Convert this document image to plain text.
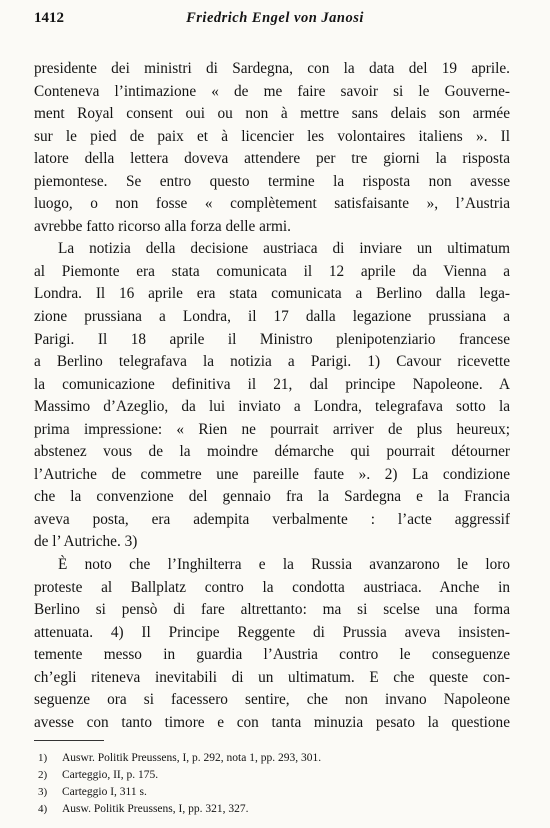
1412	Friedrich Engel von Janosi
presidente dei ministri di Sardegna, con la data del 19 aprile.
Conteneva l’intimazione « de me faire savoir si le Gouverne-
ment Royal consent oui ou non à mettre sans delais son armée
sur le pied de paix et à licencier les volontaires italiens ». Il
latore della lettera doveva attendere per tre giorni la risposta
piemontese. Se entro questo termine la risposta non avesse
luogo, o non fosse « complètement satisfaisante », l’Austria
avrebbe fatto ricorso alla forza delle armi.
La notizia della decisione austriaca di inviare un ultimatum
al Piemonte era stata comunicata il 12 aprile da Vienna a
Londra. Il 16 aprile era stata comunicata a Berlino dalla lega-
zione prussiana a Londra, il 17 dalla legazione prussiana a
Parigi. Il 18 aprile il Ministro plenipotenziario francese
a Berlino telegrafava la notizia a Parigi. 1) Cavour ricevette
la comunicazione definitiva il 21, dal principe Napoleone. A
Massimo d’Azeglio, da lui inviato a Londra, telegrafava sotto la
prima impressione: « Rien ne pourrait arriver de plus heureux;
abstenez vous de la moindre démarche qui pourrait détourner
l’Autriche de commetre une pareille faute ». 2) La condizione
che la convenzione del gennaio fra la Sardegna e la Francia
aveva posta, era adempita verbalmente : l’acte aggressif
de l’ Autriche. 3)
È noto che l’Inghilterra e la Russia avanzarono le loro
proteste al Ballplatz contro la condotta austriaca. Anche in
Berlino si pensò di fare altrettanto: ma si scelse una forma
attenuata. 4) Il Principe Reggente di Prussia aveva insisten-
temente messo in guardia l’Austria contro le conseguenze
ch’egli riteneva inevitabili di un ultimatum. E che queste con-
seguenze ora si facessero sentire, che non invano Napoleone
avesse con tanto timore e con tanta minuzia pesato la questione
1) Auswr. Politik Preussens, I, p. 292, nota 1, pp. 293, 301.
2) Carteggio, II, p. 175.
3) Carteggio I, 311 s.
4) Ausw. Politik Preussens, I, pp. 321, 327.
